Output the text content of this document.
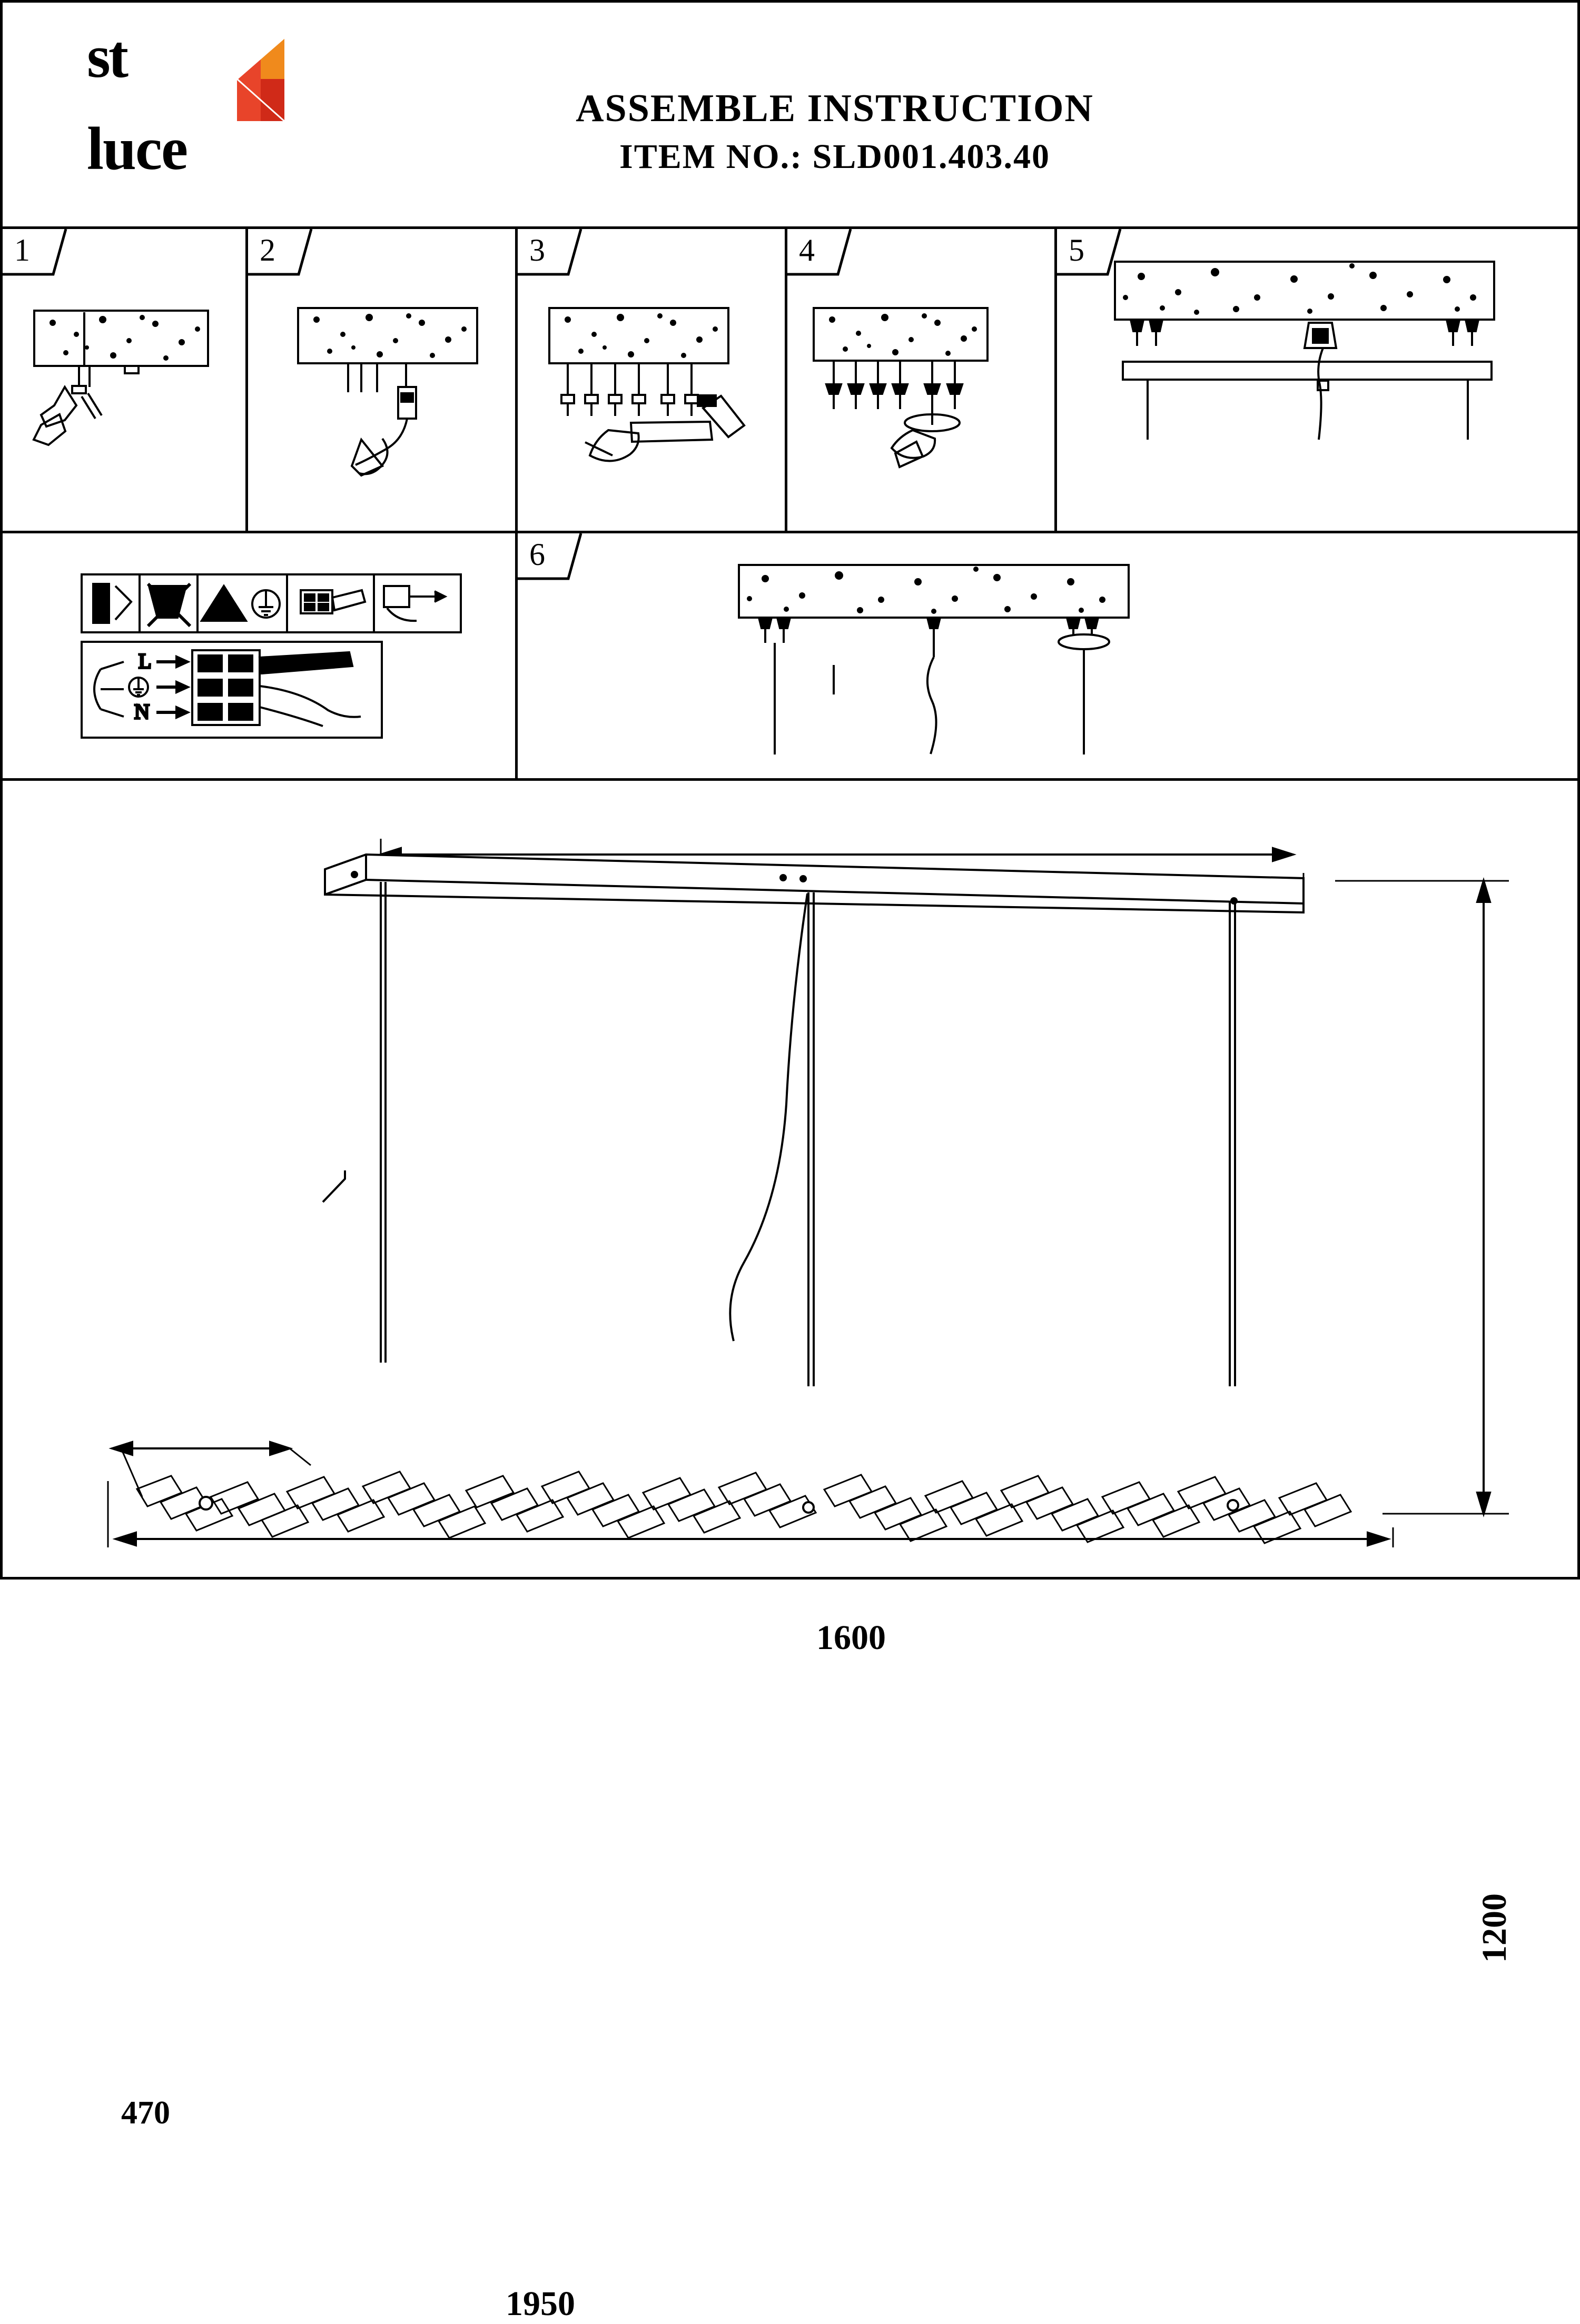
st
luce
ASSEMBLE INSTRUCTION
ITEM NO.: SLD001.403.40
1	2	3	4	5
I
0
L
N
6
1600
1200
470
1950
